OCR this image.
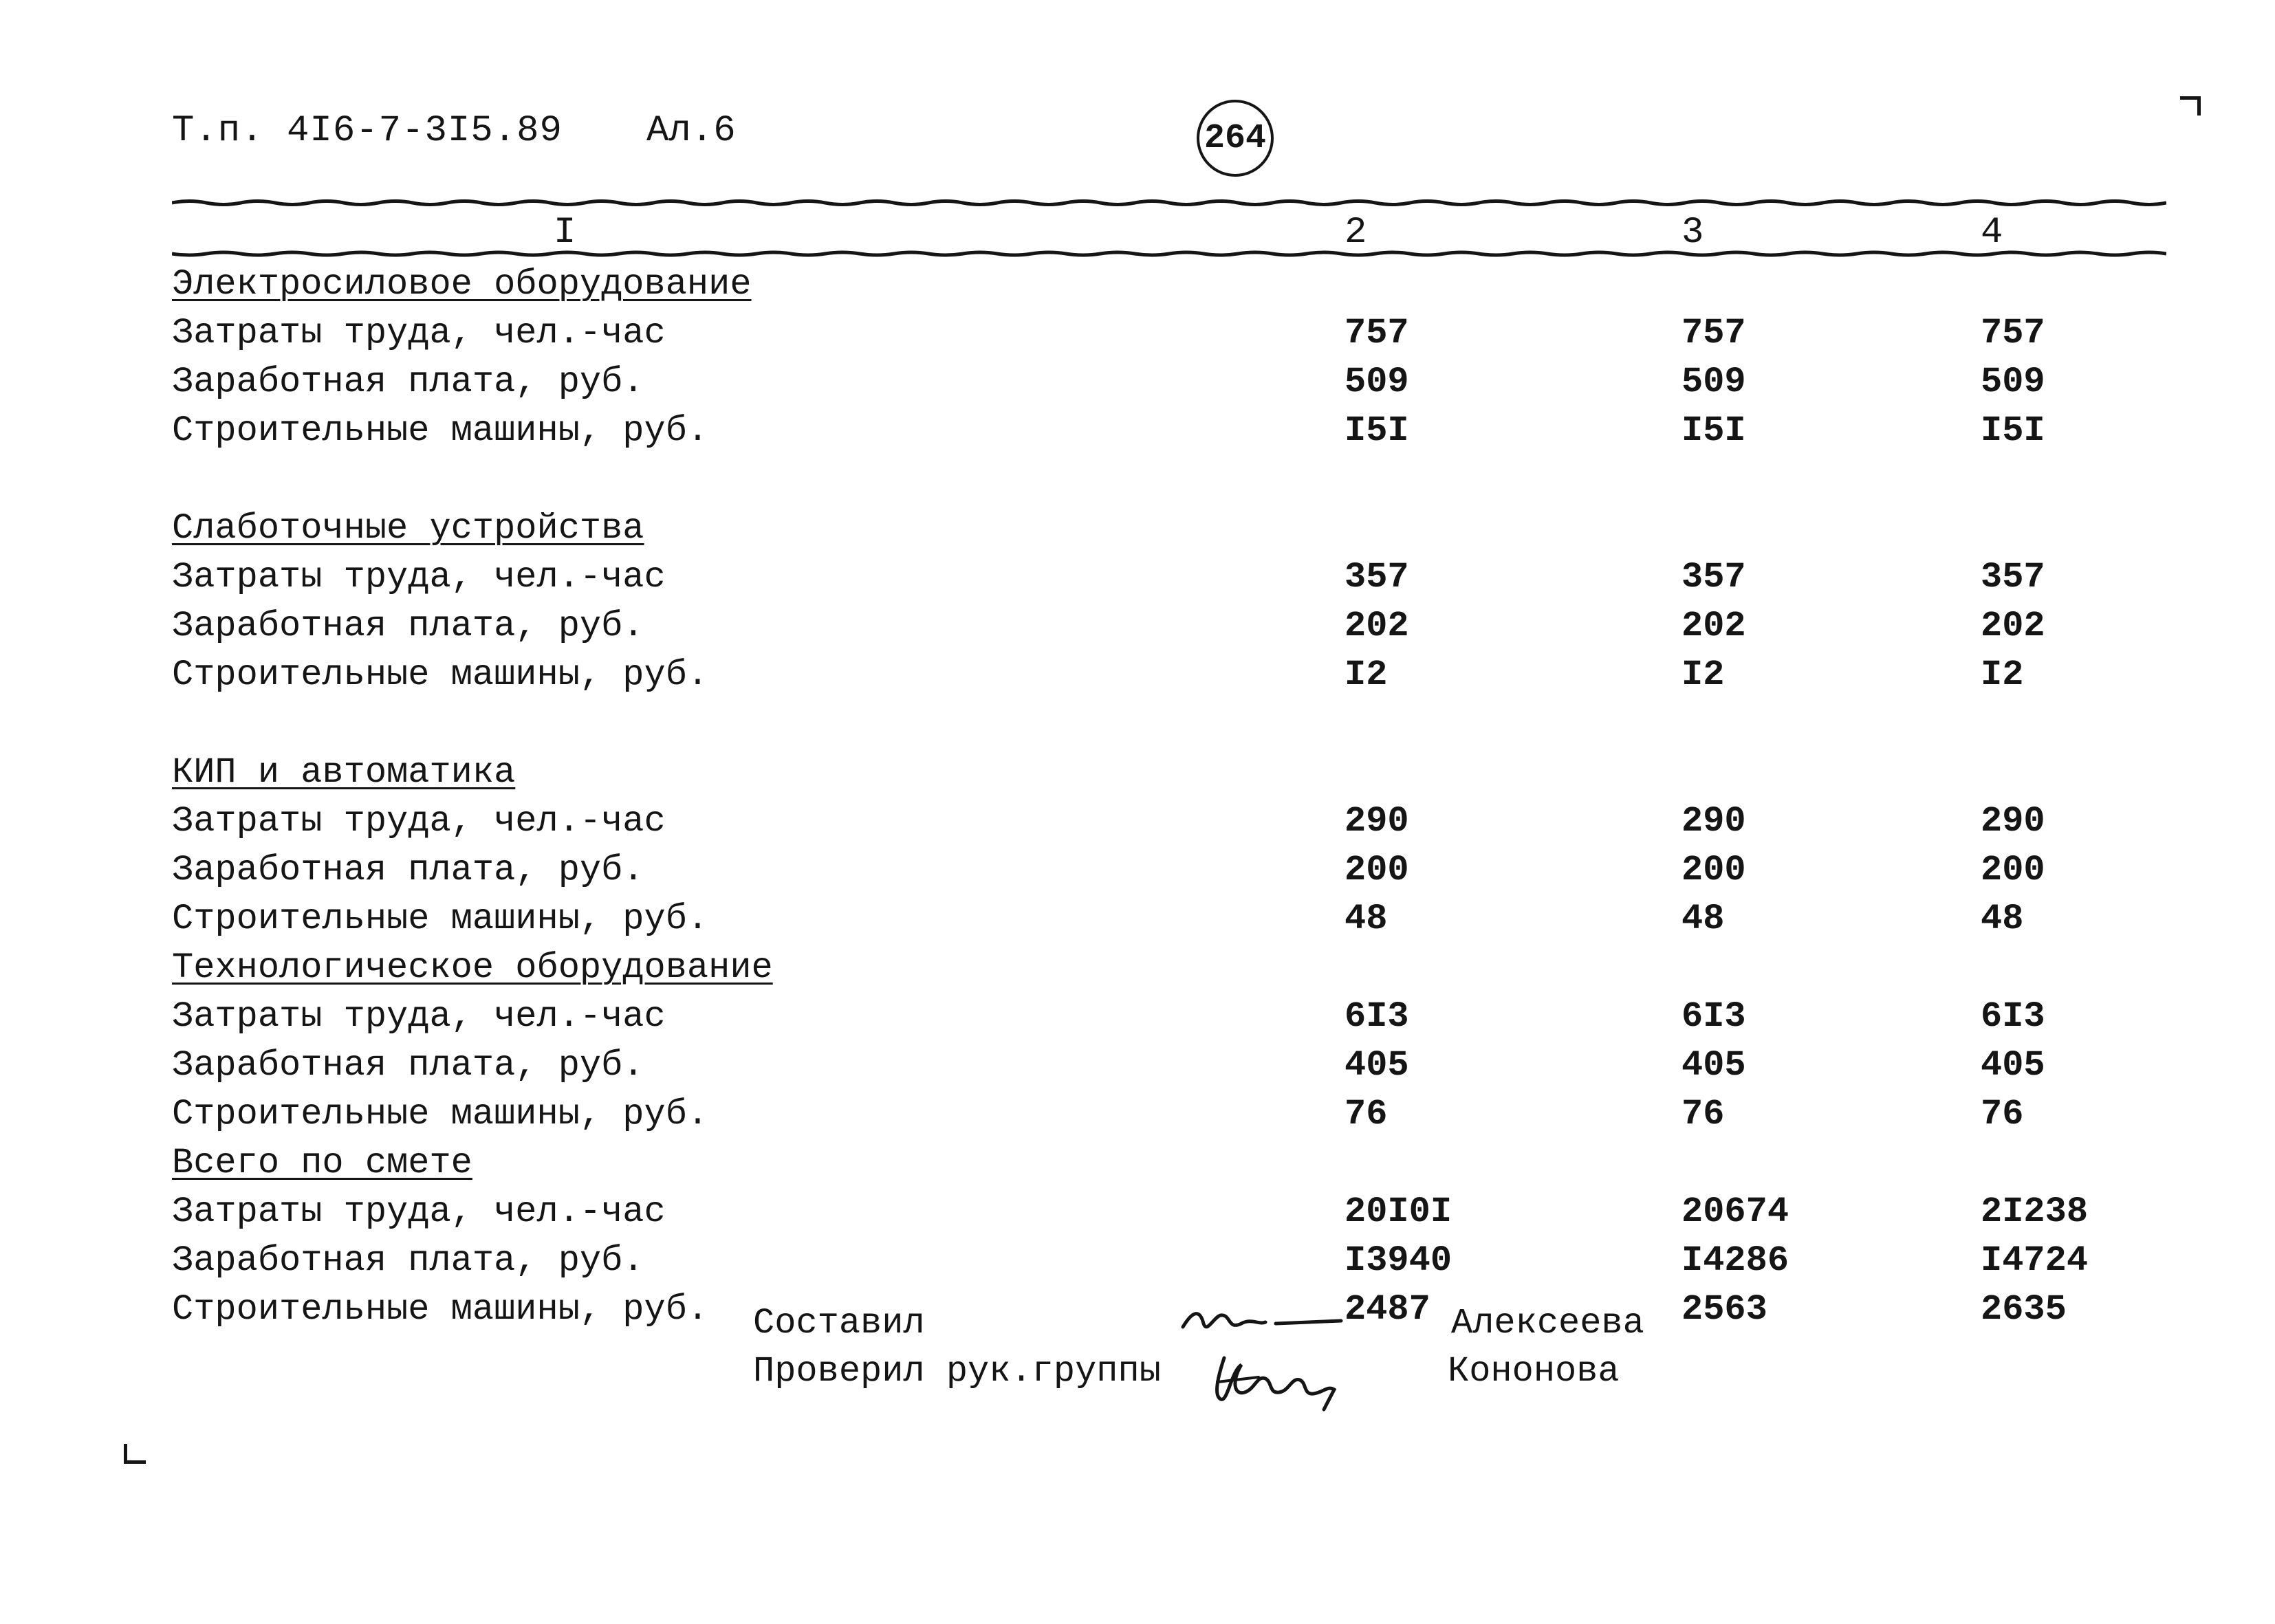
Т.п. 4I6-7-3I5.89 Ал.6	264
I	2	3	4
Электросиловое оборудование			
Затраты труда, чел.-час	757	757	757
Заработная плата, руб.	509	509	509
Строительные машины, руб.	I5I	I5I	I5I

Слаботочные устройства			
Затраты труда, чел.-час	357	357	357
Заработная плата, руб.	202	202	202
Строительные машины, руб.	I2	I2	I2

КИП и автоматика			
Затраты труда, чел.-час	290	290	290
Заработная плата, руб.	200	200	200
Строительные машины, руб.	48	48	48
Технологическое оборудование			
Затраты труда, чел.-час	6I3	6I3	6I3
Заработная плата, руб.	405	405	405
Строительные машины, руб.	76	76	76
Всего по смете			
Затраты труда, чел.-час	20I0I	20674	2I238
Заработная плата, руб.	I3940	I4286	I4724
Строительные машины, руб.	2487	2563	2635
Составил	Алексеева
Проверил рук.группы	Кононова
